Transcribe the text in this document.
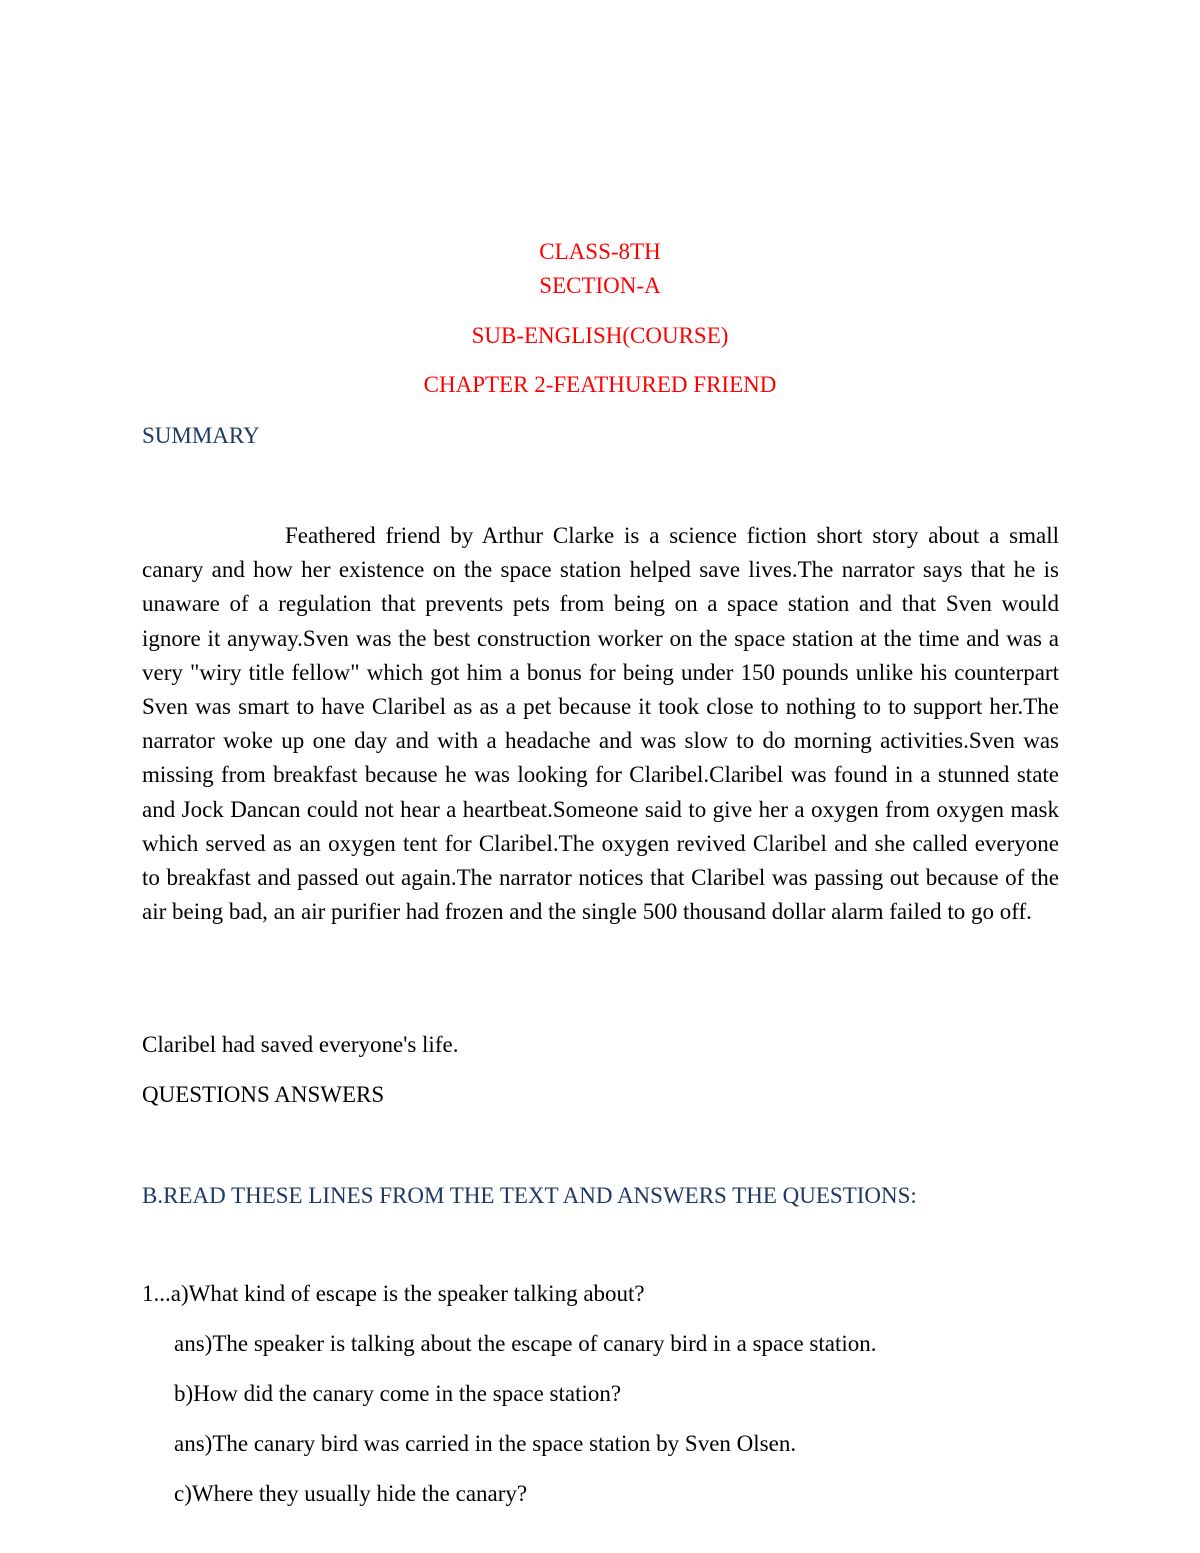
CLASS-8TH
SECTION-A
SUB-ENGLISH(COURSE)
CHAPTER 2-FEATHURED FRIEND
SUMMARY
Feathered friend by Arthur Clarke is a science fiction short story about a small canary and how her existence on the space station helped save lives.The narrator says that he is unaware of a regulation that prevents pets from being on a space station and that Sven would ignore it anyway.Sven was the best construction worker on the space station at the time and was a very "wiry title fellow" which got him a bonus for being under 150 pounds unlike his counterpart Sven was smart to have Claribel as as a pet because it took close to nothing to to support her.The narrator woke up one day and with a headache and was slow to do morning activities.Sven was missing from breakfast because he was looking for Claribel.Claribel was found in a stunned state and Jock Dancan could not hear a heartbeat.Someone said to give her a oxygen from oxygen mask which served as an oxygen tent for Claribel.The oxygen revived Claribel and she called everyone to breakfast and passed out again.The narrator notices that Claribel was passing out because of the air being bad, an air purifier had frozen and the single 500 thousand dollar alarm failed to go off.
Claribel had saved everyone's life.
QUESTIONS ANSWERS
B.READ THESE LINES FROM THE TEXT AND ANSWERS THE QUESTIONS:
1...a)What kind of escape is the speaker talking about?
ans)The speaker is talking about the escape of canary bird in a space station.
b)How did the canary come in the space station?
ans)The canary bird was carried in the space station by Sven Olsen.
c)Where they usually hide the canary?
